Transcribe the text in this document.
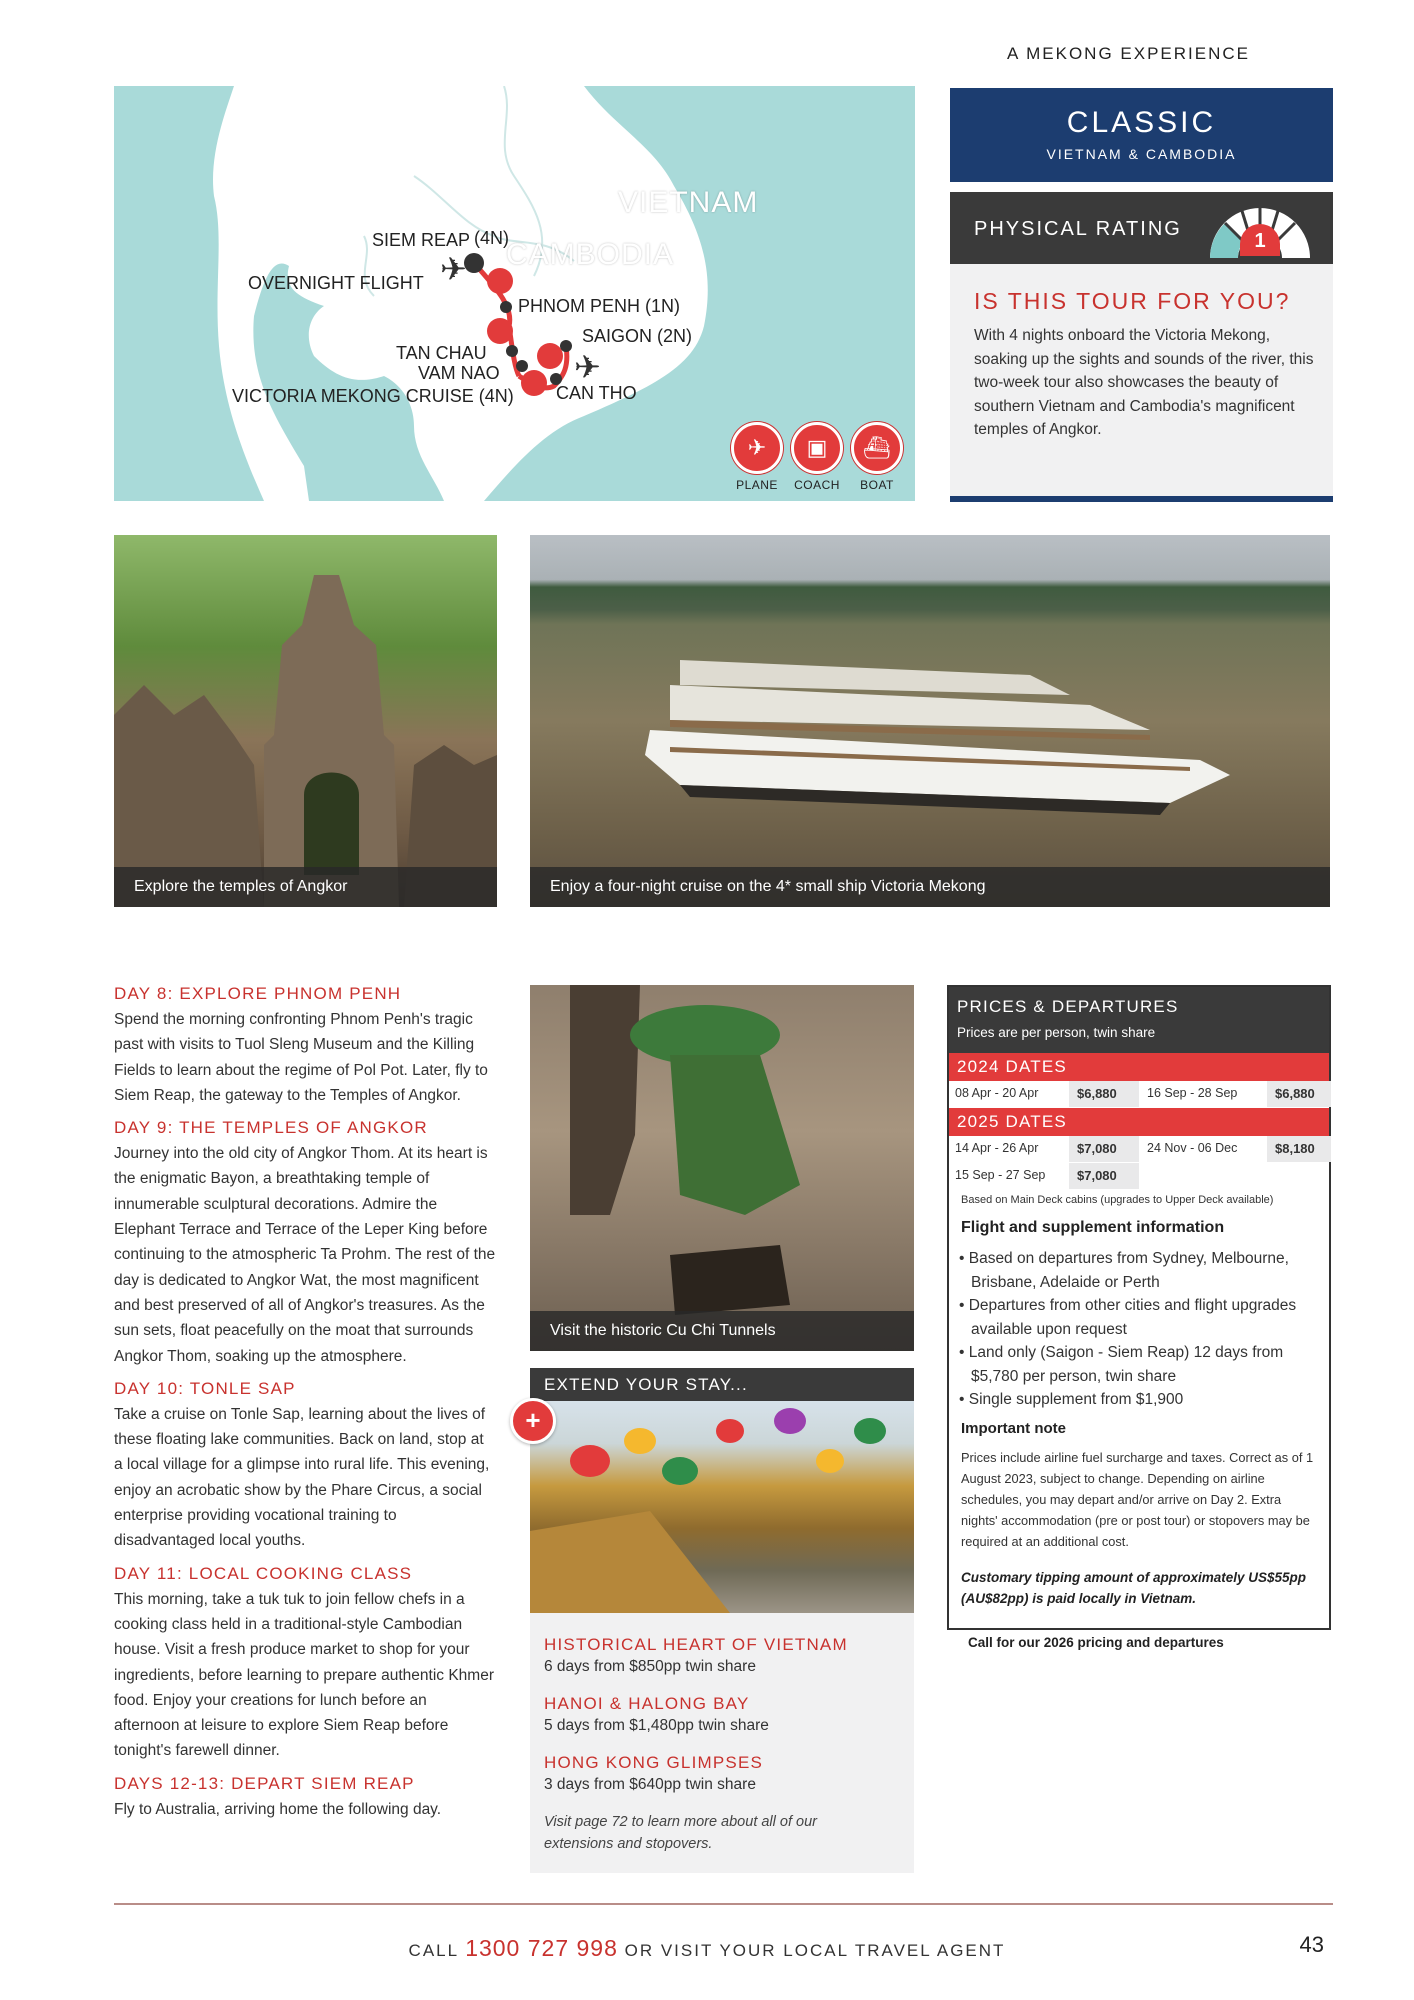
A MEKONG EXPERIENCE
✈
✈
VIETNAM
CAMBODIA
SIEM REAP (4N)
OVERNIGHT FLIGHT
PHNOM PENH (1N)
SAIGON (2N)
TAN CHAU
VAM NAO
VICTORIA MEKONG CRUISE (4N) CAN THO
✈
PLANE
▣
COACH
⛴
BOAT
CLASSIC
VIETNAM & CAMBODIA
PHYSICAL RATING
1
IS THIS TOUR FOR YOU?
With 4 nights onboard the Victoria Mekong, soaking up the sights and sounds of the river, this two-week tour also showcases the beauty of southern Vietnam and Cambodia's magnificent temples of Angkor.
Explore the temples of Angkor	Enjoy a four-night cruise on the 4* small ship Victoria Mekong
Visit the historic Cu Chi Tunnels
DAY 8: EXPLORE PHNOM PENH

Spend the morning confronting Phnom Penh's tragic past with visits to Tuol Sleng Museum and the Killing Fields to learn about the regime of Pol Pot. Later, fly to Siem Reap, the gateway to the Temples of Angkor.

DAY 9: THE TEMPLES OF ANGKOR

Journey into the old city of Angkor Thom. At its heart is the enigmatic Bayon, a breathtaking temple of innumerable sculptural decorations. Admire the Elephant Terrace and Terrace of the Leper King before continuing to the atmospheric Ta Prohm. The rest of the day is dedicated to Angkor Wat, the most magnificent and best preserved of all of Angkor's treasures. As the sun sets, float peacefully on the moat that surrounds Angkor Thom, soaking up the atmosphere.

DAY 10: TONLE SAP

Take a cruise on Tonle Sap, learning about the lives of these floating lake communities. Back on land, stop at a local village for a glimpse into rural life. This evening, enjoy an acrobatic show by the Phare Circus, a social enterprise providing vocational training to disadvantaged local youths.

DAY 11: LOCAL COOKING CLASS

This morning, take a tuk tuk to join fellow chefs in a cooking class held in a traditional-style Cambodian house. Visit a fresh produce market to shop for your ingredients, before learning to prepare authentic Khmer food. Enjoy your creations for lunch before an afternoon at leisure to explore Siem Reap before tonight's farewell dinner.

DAYS 12-13: DEPART SIEM REAP

Fly to Australia, arriving home the following day.

EXTEND YOUR STAY...
+
HISTORICAL HEART OF VIETNAM
6 days from $850pp twin share
HANOI & HALONG BAY
5 days from $1,480pp twin share
HONG KONG GLIMPSES
3 days from $640pp twin share
Visit page 72 to learn more about all of our extensions and stopovers.
PRICES & DEPARTURES
Prices are per person, twin share
2024 DATES
08 Apr - 20 Apr	$6,880 16 Sep - 28 Sep	$6,880
2025 DATES
14 Apr - 26 Apr	$7,080 24 Nov - 06 Dec	$8,180
15 Sep - 27 Sep $7,080
Based on Main Deck cabins (upgrades to Upper Deck available)
Flight and supplement information
• Based on departures from Sydney, Melbourne, Brisbane, Adelaide or Perth
• Departures from other cities and flight upgrades available upon request
• Land only (Saigon - Siem Reap) 12 days from $5,780 per person, twin share
• Single supplement from $1,900
Important note
Prices include airline fuel surcharge and taxes. Correct as of 1 August 2023, subject to change. Depending on airline schedules, you may depart and/or arrive on Day 2. Extra nights' accommodation (pre or post tour) or stopovers may be required at an additional cost.
Customary tipping amount of approximately US$55pp (AU$82pp) is paid locally in Vietnam.
Call for our 2026 pricing and departures
CALL 1300 727 998 OR VISIT YOUR LOCAL TRAVEL AGENT	43
